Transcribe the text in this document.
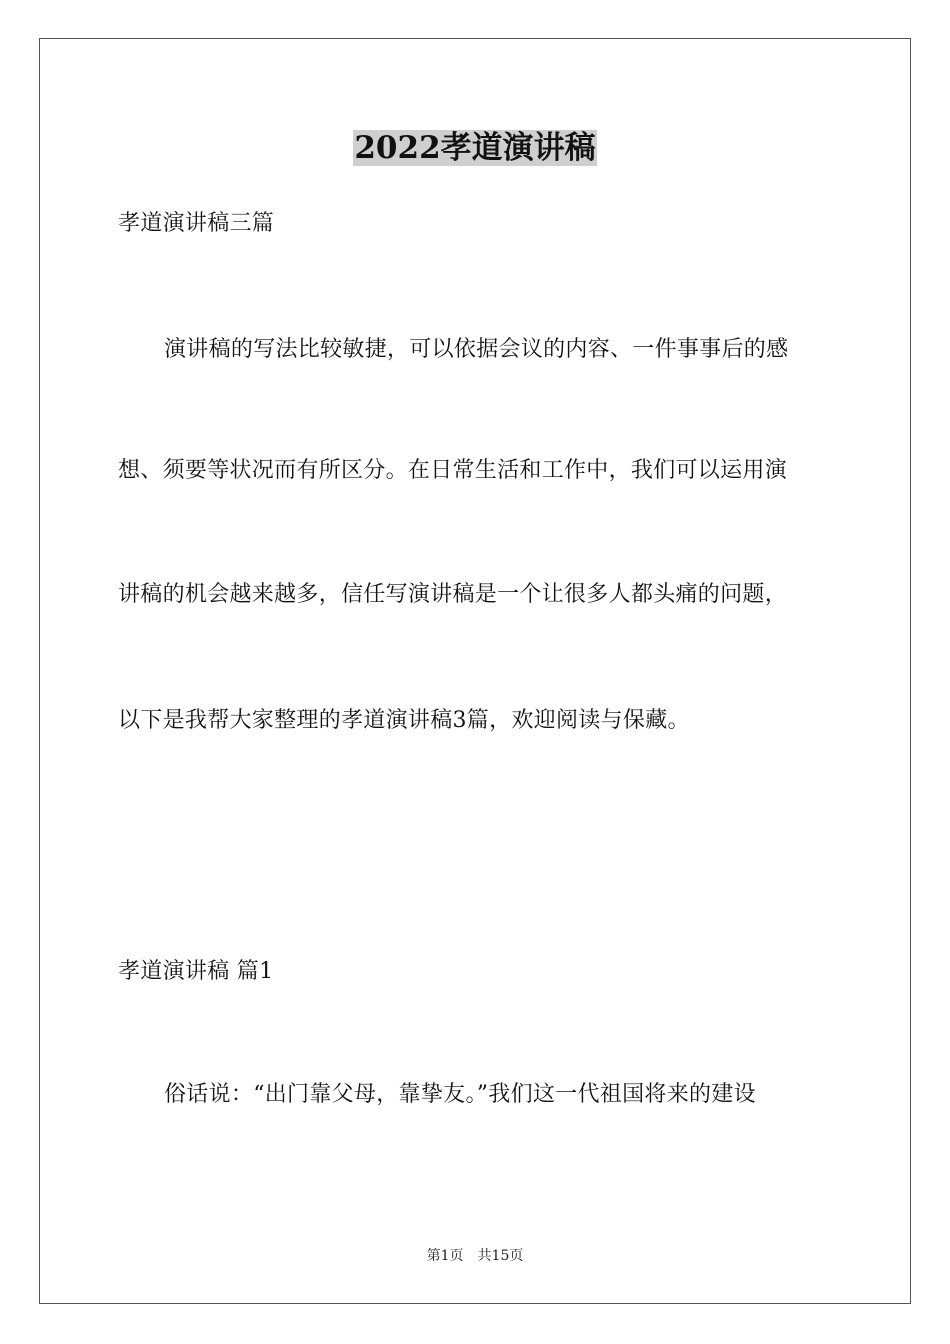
2022孝道演讲稿
孝道演讲稿三篇
演讲稿的写法比较敏捷，可以依据会议的内容、一件事事后的感
想、须要等状况而有所区分。在日常生活和工作中，我们可以运用演
讲稿的机会越来越多，信任写演讲稿是一个让很多人都头痛的问题，
以下是我帮大家整理的孝道演讲稿3篇，欢迎阅读与保藏。
孝道演讲稿 篇1
俗话说：“出门靠父母，靠挚友。”我们这一代祖国将来的建设
第1页 共15页
